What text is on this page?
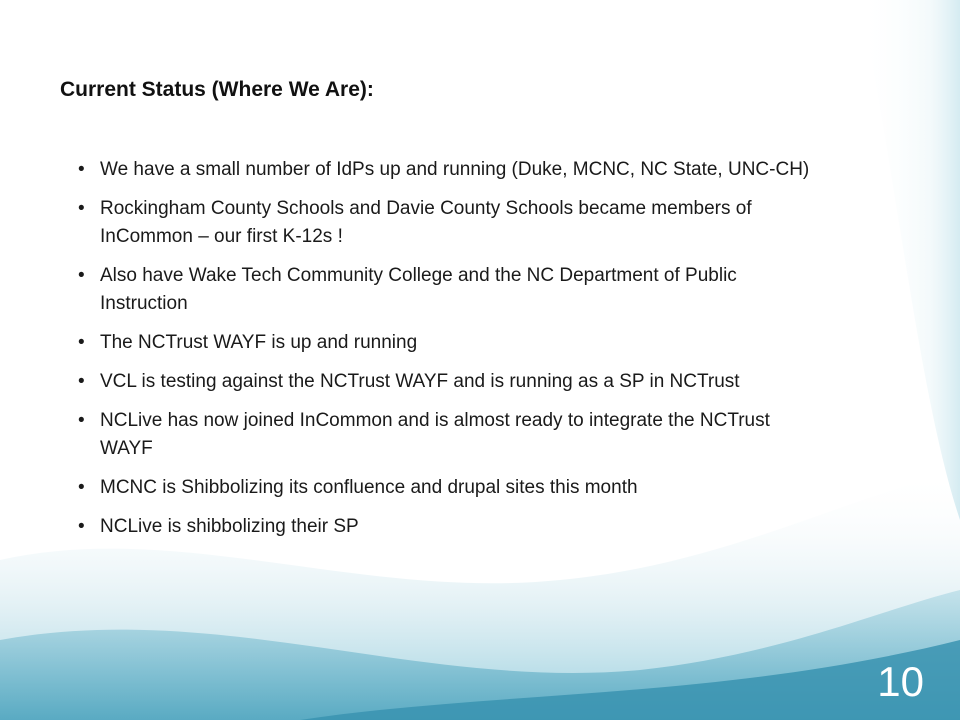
Current Status (Where We Are):
• We have a small number of IdPs up and running (Duke, MCNC, NC State, UNC-CH)
• Rockingham County Schools and Davie County Schools became members of InCommon – our first K-12s !
• Also have Wake Tech Community College and the NC Department of Public Instruction
• The NCTrust WAYF is up and running
• VCL is testing against the NCTrust WAYF and is running as a SP in NCTrust
• NCLive has now joined InCommon and is almost ready to integrate the NCTrust WAYF
• MCNC is Shibbolizing its confluence and drupal sites this month
• NCLive is shibbolizing their SP
10
